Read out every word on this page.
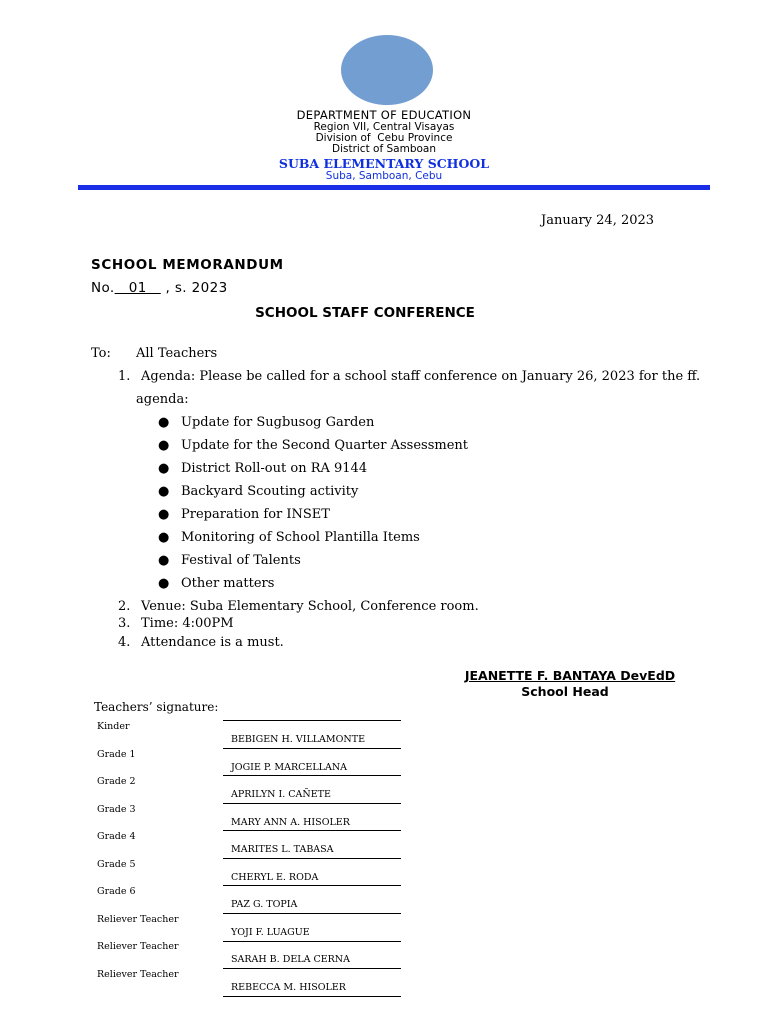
DEPARTMENT OF EDUCATION
Region VII, Central Visayas
Division of  Cebu Province
District of Samboan
SUBA ELEMENTARY SCHOOL
Suba, Samboan, Cebu
January 24, 2023
SCHOOL MEMORANDUM
No.   01    , s. 2023
SCHOOL STAFF CONFERENCE
To: All Teachers
1. Agenda: Please be called for a school staff conference on January 26, 2023 for the ff.
agenda:
● Update for Sugbusog Garden
● Update for the Second Quarter Assessment
● District Roll-out on RA 9144
● Backyard Scouting activity
● Preparation for INSET
● Monitoring of School Plantilla Items
● Festival of Talents
● Other matters
2. Venue: Suba Elementary School, Conference room.
3. Time: 4:00PM
4. Attendance is a must.
JEANETTE F. BANTAYA DevEdD
School Head
Teachers’ signature:
Kinder
BEBIGEN H. VILLAMONTE
Grade 1
JOGIE P. MARCELLANA
Grade 2
APRILYN I. CAÑETE
Grade 3
MARY ANN A. HISOLER
Grade 4
MARITES L. TABASA
Grade 5
CHERYL E. RODA
Grade 6
PAZ G. TOPIA
Reliever Teacher
YOJI F. LUAGUE
Reliever Teacher
SARAH B. DELA CERNA
Reliever Teacher
REBECCA M. HISOLER
